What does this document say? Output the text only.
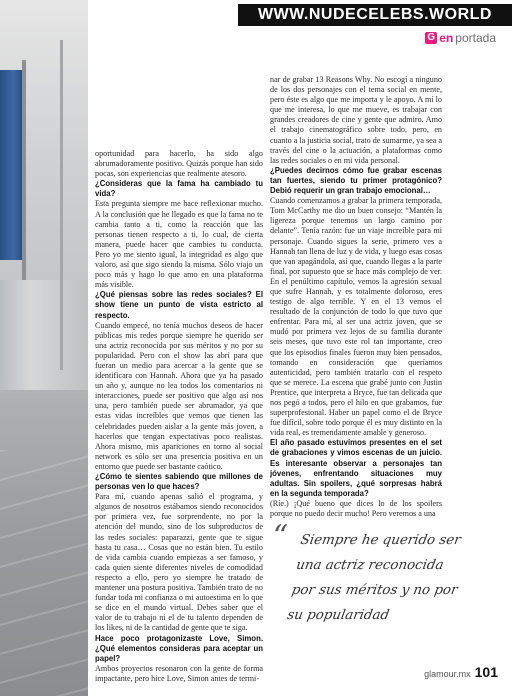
WWW.NUDECELEBS.WORLD
G en portada

oportunidad para hacerlo, ha sido algo abrumadoramente positivo. Quizás porque han sido pocas, son experiencias que realmente atesoro.

¿Consideras que la fama ha cambiado tu vida?

Esta pregunta siempre me hace reflexionar mucho. A la conclusión que he llegado es que la fama no te cambia tanto a ti, como la reacción que las personas tienen respecto a ti, lo cual, de cierta manera, puede hacer que cambies tu conducta. Pero yo me siento igual, la integridad es algo que valoro, así que sigo siendo la misma. Sólo viajo un poco más y hago lo que amo en una plataforma más visible.

¿Qué piensas sobre las redes sociales? El show tiene un punto de vista estricto al respecto.

Cuando empecé, no tenía muchos deseos de hacer públicas mis redes porque siempre he querido ser una actriz reconocida por sus méritos y no por su popularidad. Pero con el show las abrí para que fueran un medio para acercar a la gente que se identificara con Hannah. Ahora que ya ha pasado un año y, aunque no lea todos los comentarios ni interacciones, puede ser positivo que algo así nos una, pero también puede ser abrumador, ya que estas vidas increíbles que vemos que tienen las celebridades pueden aislar a la gente más joven, a hacerlos que tengan expectativas poco realistas. Ahora mismo, mis apariciones en torno al social network es sólo ser una presencia positiva en un entorno que puede ser bastante caótico.

¿Cómo te sientes sabiendo que millones de personas ven lo que haces?

Para mí, cuando apenas salió el programa, y algunos de nosotros estábamos siendo reconocidos por primera vez, fue sorprendente, no por la atención del mundo, sino de los subproductos de las redes sociales: paparazzi, gente que te sigue hasta tu casa… Cosas que no están bien. Tu estilo de vida cambia cuando empiezas a ser famoso, y cada quien siente diferentes niveles de comodidad respecto a ello, pero yo siempre he tratado de mantener una postura positiva. También trato de no fundar toda mi confianza o mi autoestima en lo que se dice en el mundo virtual. Debes saber que el valor de tu trabajo ni el de tu talento dependen de los likes, ni de la cantidad de gente que te siga.

Hace poco protagonizaste Love, Simon. ¿Qué elementos consideras para aceptar un papel?

Ambos proyectos resonaron con la gente de forma impactante, pero hice Love, Simon antes de termi-

nar de grabar 13 Reasons Why. No escogí a ninguno de los dos personajes con el tema social en mente, pero éste es algo que me importa y le apoyo. A mí lo que me interesa, lo que me mueve, es trabajar con grandes creadores de cine y gente que admiro. Amo el trabajo cinematográfico sobre todo, pero, en cuanto a la justicia social, trato de sumarme, ya sea a través del cine o la actuación, a plataformas como las redes sociales o en mi vida personal.

¿Puedes decirnos cómo fue grabar escenas tan fuertes, siendo tu primer protagónico? Debió requerir un gran trabajo emocional…

Cuando comenzamos a grabar la primera temporada, Tom McCarthy me dio un buen consejo: “Mantén la ligereza porque tenemos un largo camino por delante”. Tenía razón: fue un viaje increíble para mi personaje. Cuando sigues la serie, primero ves a Hannah tan llena de luz y de vida, y luego esas cosas que van apagándola, así que, cuando llegas a la parte final, por supuesto que se hace más complejo de ver. En el penúltimo capítulo, vemos la agresión sexual que sufre Hannah, y es totalmente doloroso, eres testigo de algo terrible. Y en el 13 vemos el resultado de la conjunción de todo lo que tuvo que enfrentar. Para mí, al ser una actriz joven, que se mudó por primera vez lejos de su familia durante seis meses, que tuvo este rol tan importante, creo que los episodios finales fueron muy bien pensados, tomando en consideración que queríamos autenticidad, pero también tratarlo con el respeto que se merece. La escena que grabé junto con Justin Prentice, que interpreta a Bryce, fue tan delicada que nos pegó a todos, pero el hilo en que grabamos, fue superprofesional. Haber un papel como el de Bryce fue difícil, sobre todo porque él es muy distinto en la vida real, es tremendamente amable y generoso.

El año pasado estuvimos presentes en el set de grabaciones y vimos escenas de un juicio. Es interesante observar a personajes tan jóvenes, enfrentando situaciones muy adultas. Sin spoilers, ¿qué sorpresas habrá en la segunda temporada?

(Ríe.) ¡Qué bueno que dices lo de los spoilers porque no puedo decir mucho! Pero veremos a una

“ Siempre he querido ser una actriz reconocida por sus méritos y no por su popularidad

glamour.mx 101
